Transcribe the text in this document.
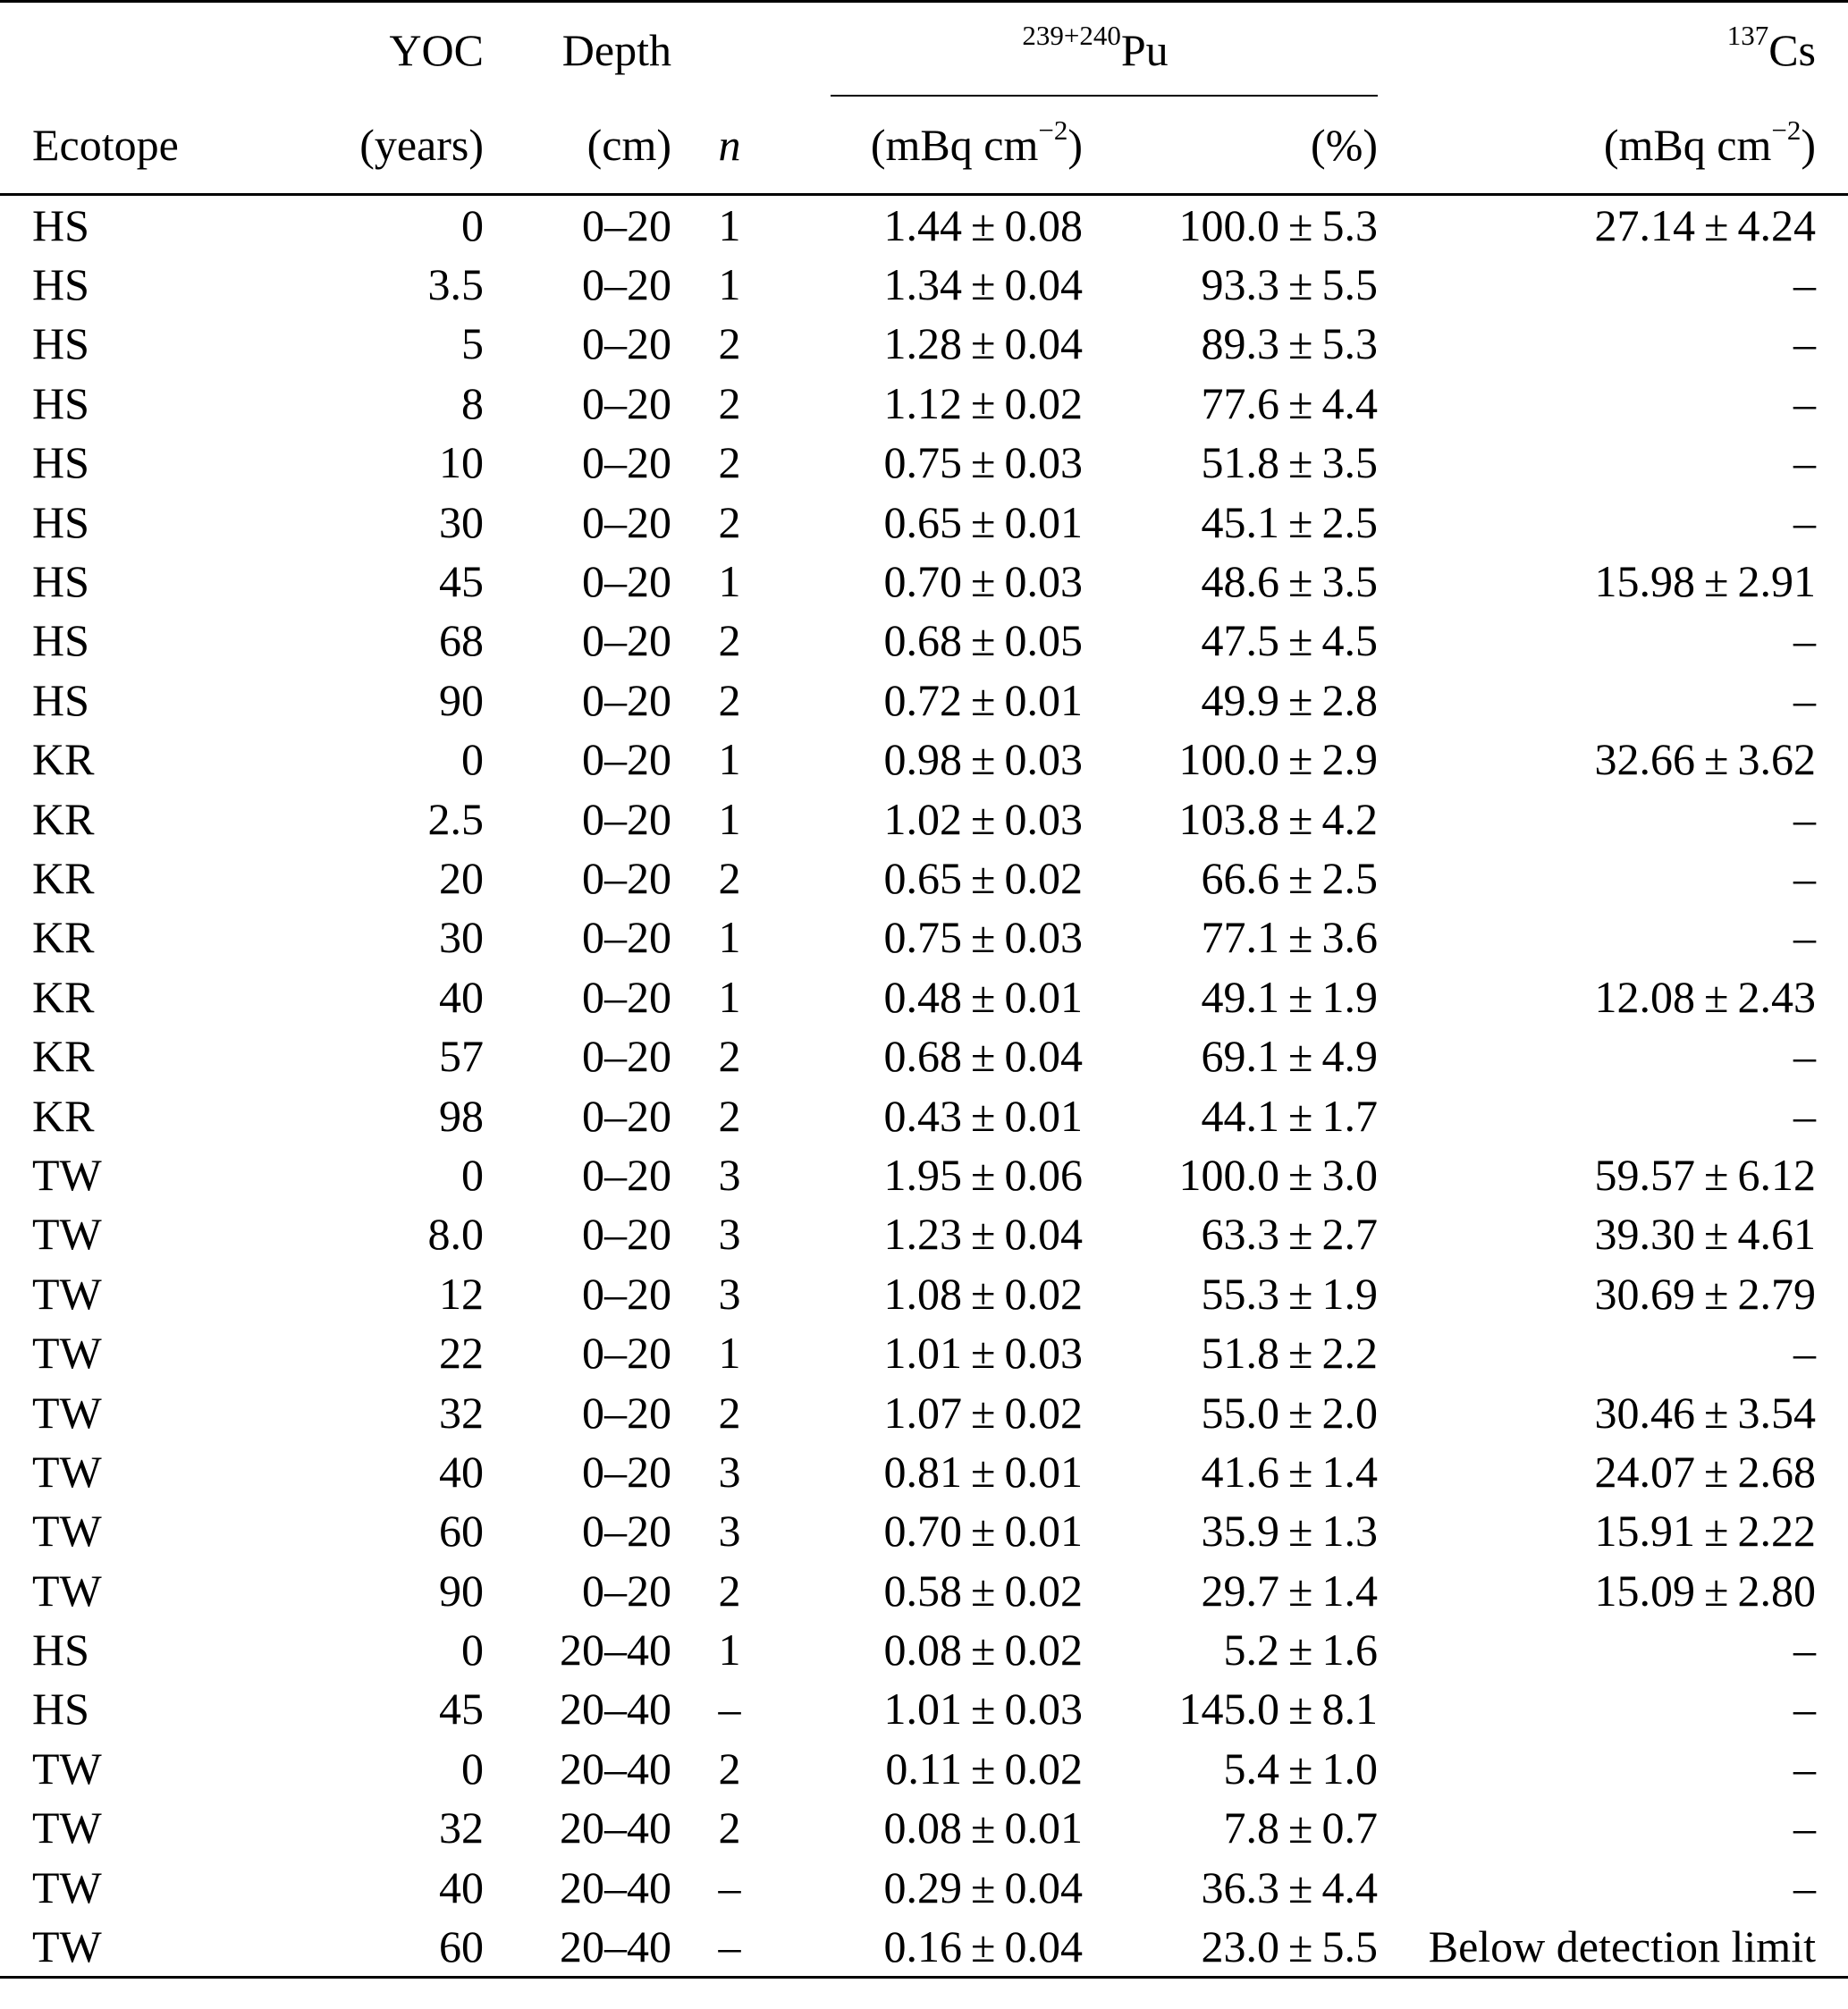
	YOC	Depth		$^{239+240}$Pu		$^{137}$Cs
Ecotope	(years)	(cm)	n	(mBq $cm^{-2}$)	(%)	(mBq $cm^{-2}$)
HS	0	0–20	1	1.44 ± 0.08	100.0 ± 5.3	27.14 ± 4.24
HS	3.5	0–20	1	1.34 ± 0.04	93.3 ± 5.5	–
HS	5	0–20	2	1.28 ± 0.04	89.3 ± 5.3	–
HS	8	0–20	2	1.12 ± 0.02	77.6 ± 4.4	–
HS	10	0–20	2	0.75 ± 0.03	51.8 ± 3.5	–
HS	30	0–20	2	0.65 ± 0.01	45.1 ± 2.5	–
HS	45	0–20	1	0.70 ± 0.03	48.6 ± 3.5	15.98 ± 2.91
HS	68	0–20	2	0.68 ± 0.05	47.5 ± 4.5	–
HS	90	0–20	2	0.72 ± 0.01	49.9 ± 2.8	–
KR	0	0–20	1	0.98 ± 0.03	100.0 ± 2.9	32.66 ± 3.62
KR	2.5	0–20	1	1.02 ± 0.03	103.8 ± 4.2	–
KR	20	0–20	2	0.65 ± 0.02	66.6 ± 2.5	–
KR	30	0–20	1	0.75 ± 0.03	77.1 ± 3.6	–
KR	40	0–20	1	0.48 ± 0.01	49.1 ± 1.9	12.08 ± 2.43
KR	57	0–20	2	0.68 ± 0.04	69.1 ± 4.9	–
KR	98	0–20	2	0.43 ± 0.01	44.1 ± 1.7	–
TW	0	0–20	3	1.95 ± 0.06	100.0 ± 3.0	59.57 ± 6.12
TW	8.0	0–20	3	1.23 ± 0.04	63.3 ± 2.7	39.30 ± 4.61
TW	12	0–20	3	1.08 ± 0.02	55.3 ± 1.9	30.69 ± 2.79
TW	22	0–20	1	1.01 ± 0.03	51.8 ± 2.2	–
TW	32	0–20	2	1.07 ± 0.02	55.0 ± 2.0	30.46 ± 3.54
TW	40	0–20	3	0.81 ± 0.01	41.6 ± 1.4	24.07 ± 2.68
TW	60	0–20	3	0.70 ± 0.01	35.9 ± 1.3	15.91 ± 2.22
TW	90	0–20	2	0.58 ± 0.02	29.7 ± 1.4	15.09 ± 2.80
HS	0	20–40	1	0.08 ± 0.02	5.2 ± 1.6	–
HS	45	20–40	–	1.01 ± 0.03	145.0 ± 8.1	–
TW	0	20–40	2	0.11 ± 0.02	5.4 ± 1.0	–
TW	32	20–40	2	0.08 ± 0.01	7.8 ± 0.7	–
TW	40	20–40	–	0.29 ± 0.04	36.3 ± 4.4	–
TW	60	20–40	–	0.16 ± 0.04	23.0 ± 5.5	Below detection limit
